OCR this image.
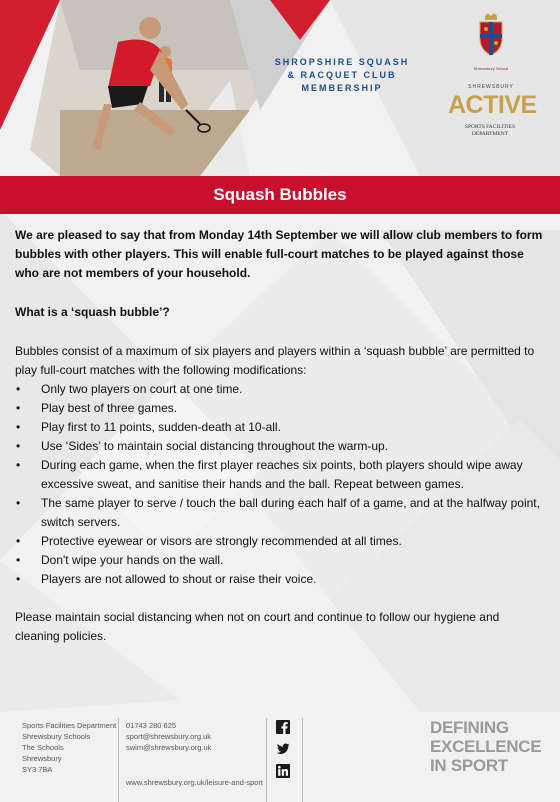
SHROPSHIRE SQUASH
& RACQUET CLUB
MEMBERSHIP
Shrewsbury School
SHREWSBURY
ACTIVE
SPORTS FACILITIES
DEPARTMENT
Squash Bubbles

We are pleased to say that from Monday 14th September we will allow club members to form bubbles with other players. This will enable full-court matches to be played against those who are not members of your household.

What is a ‘squash bubble’?

Bubbles consist of a maximum of six players and players within a ‘squash bubble’ are permitted to play full-court matches with the following modifications:

• Only two players on court at one time.
• Play best of three games.
• Play first to 11 points, sudden-death at 10-all.
• Use ‘Sides’ to maintain social distancing throughout the warm-up.
• During each game, when the first player reaches six points, both players should wipe away excessive sweat, and sanitise their hands and the ball. Repeat between games.
• The same player to serve / touch the ball during each half of a game, and at the halfway point, switch servers.
• Protective eyewear or visors are strongly recommended at all times.
• Don't wipe your hands on the wall.
• Players are not allowed to shout or raise their voice.

Please maintain social distancing when not on court and continue to follow our hygiene and cleaning policies.

Sports Facilities Department
Shrewsbury Schools
The Schools
Shrewsbury
SY3 7BA
01743 280 625
sport@shrewsbury.org.uk
swim@shrewsbury.org.uk
www.shrewsbury.org.uk/leisure-and-sport
DEFINING
EXCELLENCE
IN SPORT
